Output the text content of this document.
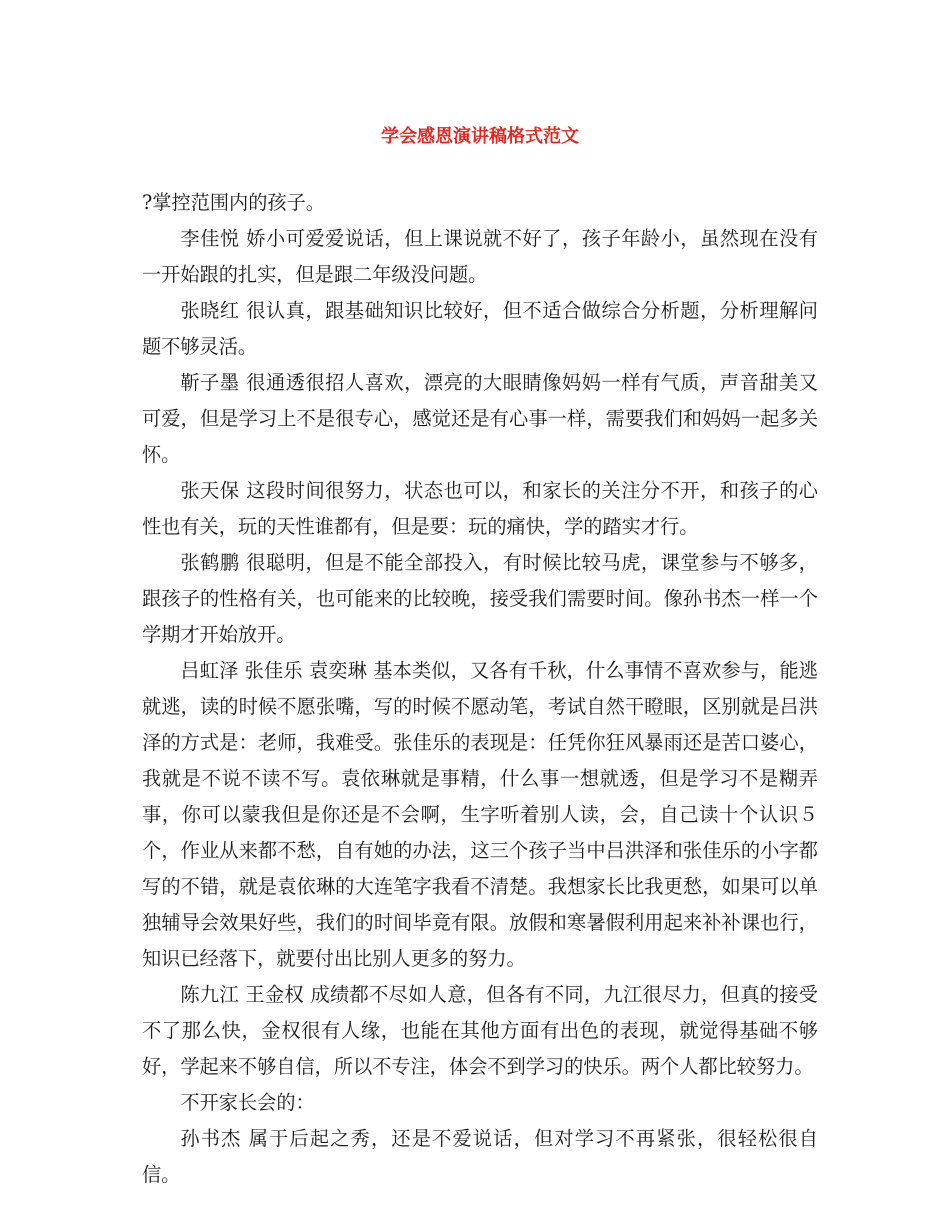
学会感恩演讲稿格式范文

?掌控范围内的孩子。

李佳悦 娇小可爱爱说话，但上课说就不好了，孩子年龄小，虽然现在没有一开始跟的扎实，但是跟二年级没问题。

张晓红 很认真，跟基础知识比较好，但不适合做综合分析题，分析理解问题不够灵活。

靳子墨 很通透很招人喜欢，漂亮的大眼睛像妈妈一样有气质，声音甜美又可爱，但是学习上不是很专心，感觉还是有心事一样，需要我们和妈妈一起多关怀。

张天保 这段时间很努力，状态也可以，和家长的关注分不开，和孩子的心性也有关，玩的天性谁都有，但是要：玩的痛快，学的踏实才行。

张鹤鹏 很聪明，但是不能全部投入，有时候比较马虎，课堂参与不够多，跟孩子的性格有关，也可能来的比较晚，接受我们需要时间。像孙书杰一样一个学期才开始放开。

吕虹泽 张佳乐 袁奕琳 基本类似，又各有千秋，什么事情不喜欢参与，能逃就逃，读的时候不愿张嘴，写的时候不愿动笔，考试自然干瞪眼，区别就是吕洪泽的方式是：老师，我难受。张佳乐的表现是：任凭你狂风暴雨还是苦口婆心，我就是不说不读不写。袁依琳就是事精，什么事一想就透，但是学习不是糊弄事，你可以蒙我但是你还是不会啊，生字听着别人读，会，自己读十个认识５个，作业从来都不愁，自有她的办法，这三个孩子当中吕洪泽和张佳乐的小字都写的不错，就是袁依琳的大连笔字我看不清楚。我想家长比我更愁，如果可以单独辅导会效果好些，我们的时间毕竟有限。放假和寒暑假利用起来补补课也行，知识已经落下，就要付出比别人更多的努力。

陈九江 王金权 成绩都不尽如人意，但各有不同，九江很尽力，但真的接受不了那么快，金权很有人缘，也能在其他方面有出色的表现，就觉得基础不够好，学起来不够自信，所以不专注，体会不到学习的快乐。两个人都比较努力。

不开家长会的：

孙书杰 属于后起之秀，还是不爱说话，但对学习不再紧张，很轻松很自信。
